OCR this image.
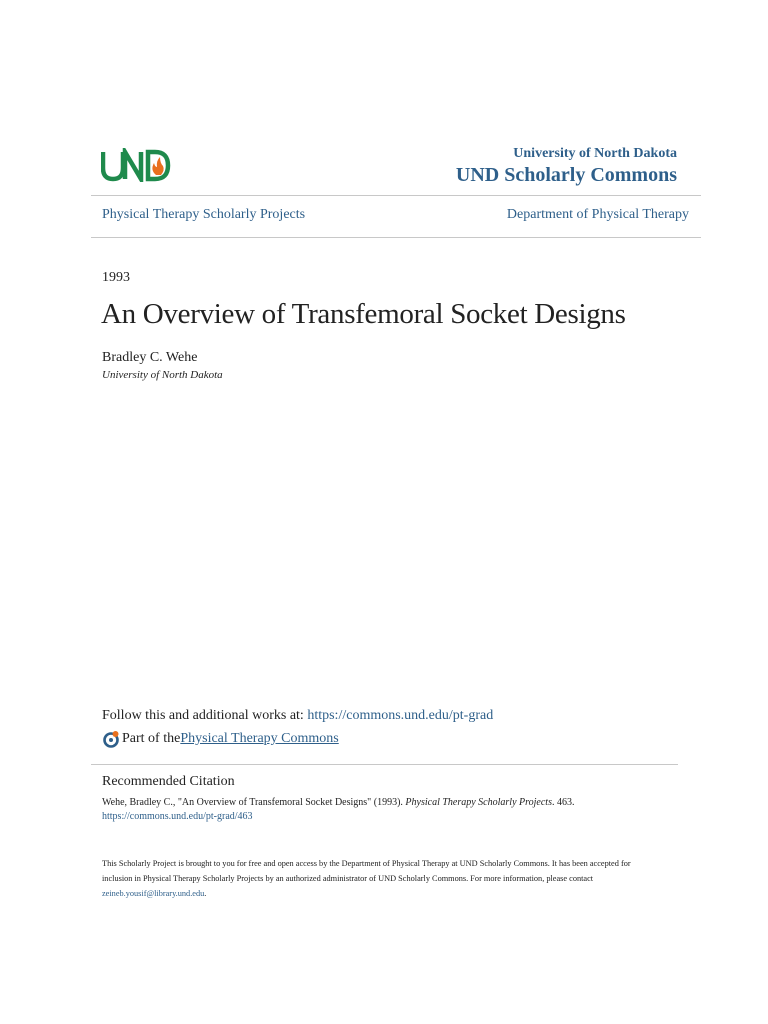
University of North Dakota
UND Scholarly Commons
Physical Therapy Scholarly Projects	Department of Physical Therapy
1993
An Overview of Transfemoral Socket Designs
Bradley C. Wehe
University of North Dakota
Follow this and additional works at: https://commons.und.edu/pt-grad
Part of the Physical Therapy Commons
Recommended Citation
Wehe, Bradley C., "An Overview of Transfemoral Socket Designs" (1993). Physical Therapy Scholarly Projects. 463.
https://commons.und.edu/pt-grad/463
This Scholarly Project is brought to you for free and open access by the Department of Physical Therapy at UND Scholarly Commons. It has been accepted for inclusion in Physical Therapy Scholarly Projects by an authorized administrator of UND Scholarly Commons. For more information, please contact zeineb.yousif@library.und.edu.
